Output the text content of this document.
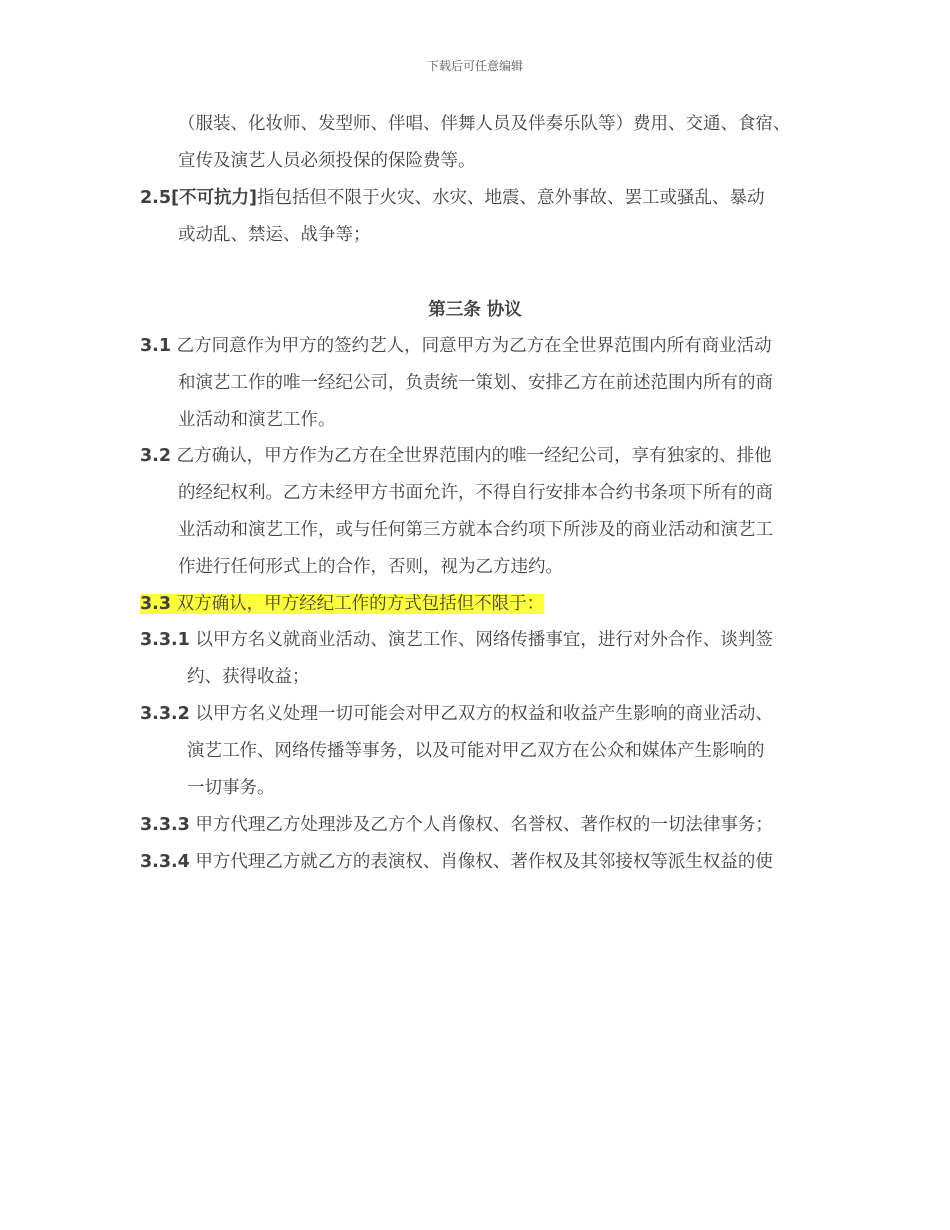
下载后可任意编辑
（服装、化妆师、发型师、伴唱、伴舞人员及伴奏乐队等）费用、交通、食宿、
宣传及演艺人员必须投保的保险费等。
2.5[不可抗力]指包括但不限于火灾、水灾、地震、意外事故、罢工或骚乱、暴动
或动乱、禁运、战争等；
第三条 协议
3.1 乙方同意作为甲方的签约艺人，同意甲方为乙方在全世界范围内所有商业活动
和演艺工作的唯一经纪公司，负责统一策划、安排乙方在前述范围内所有的商
业活动和演艺工作。
3.2 乙方确认，甲方作为乙方在全世界范围内的唯一经纪公司，享有独家的、排他
的经纪权利。乙方未经甲方书面允许，不得自行安排本合约书条项下所有的商
业活动和演艺工作，或与任何第三方就本合约项下所涉及的商业活动和演艺工
作进行任何形式上的合作，否则，视为乙方违约。
3.3 双方确认，甲方经纪工作的方式包括但不限于：
3.3.1 以甲方名义就商业活动、演艺工作、网络传播事宜，进行对外合作、谈判签
约、获得收益；
3.3.2 以甲方名义处理一切可能会对甲乙双方的权益和收益产生影响的商业活动、
演艺工作、网络传播等事务，以及可能对甲乙双方在公众和媒体产生影响的
一切事务。
3.3.3 甲方代理乙方处理涉及乙方个人肖像权、名誉权、著作权的一切法律事务；
3.3.4 甲方代理乙方就乙方的表演权、肖像权、著作权及其邻接权等派生权益的使
